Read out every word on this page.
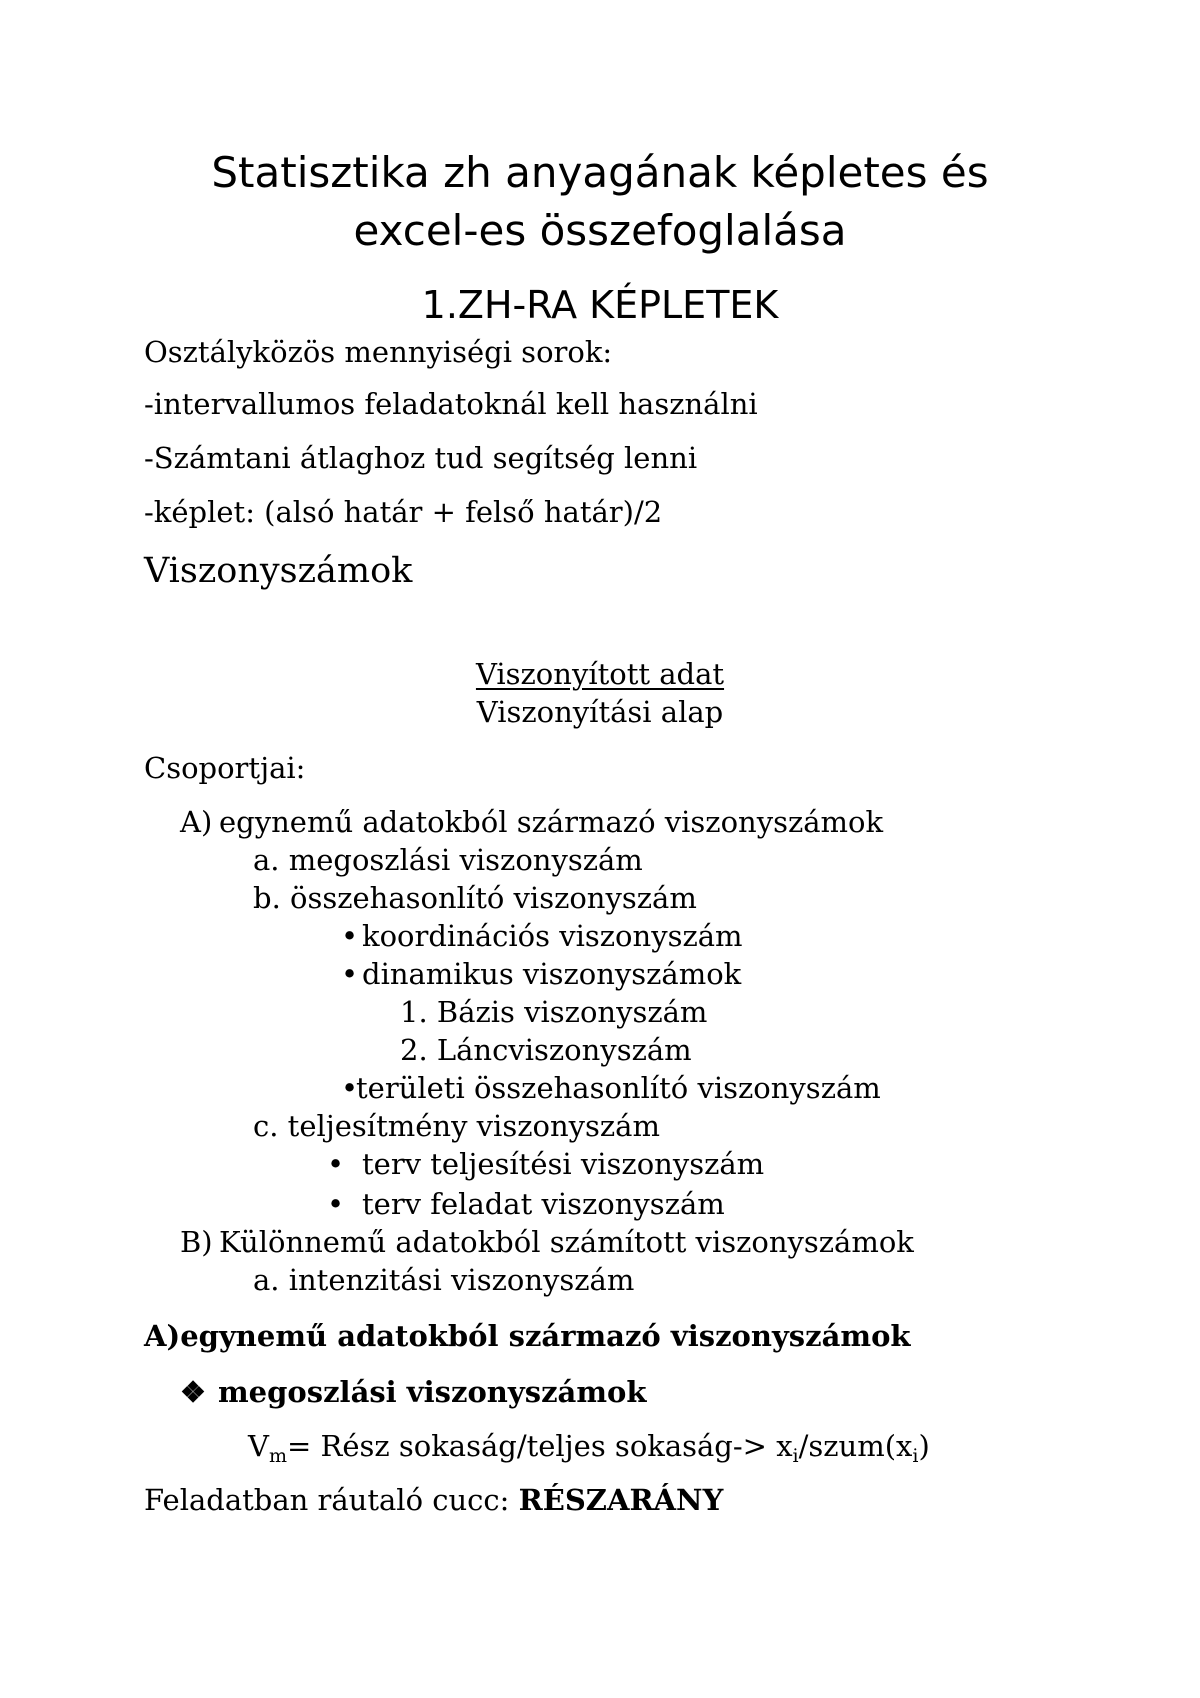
Statisztika zh anyagának képletes és
excel-es összefoglalása
1.ZH-RA KÉPLETEK
Osztályközös mennyiségi sorok:
-intervallumos feladatoknál kell használni
-Számtani átlaghoz tud segítség lenni
-képlet: (alsó határ + felső határ)/2
Viszonyszámok
Viszonyított adat
Viszonyítási alap
Csoportjai:
A) egynemű adatokból származó viszonyszámok
a. megoszlási viszonyszám
b. összehasonlító viszonyszám
• koordinációs viszonyszám
• dinamikus viszonyszámok
1. Bázis viszonyszám
2. Láncviszonyszám
•
területi összehasonlító viszonyszám
c. teljesítmény viszonyszám
• terv teljesítési viszonyszám
• terv feladat viszonyszám
B) Különnemű adatokból számított viszonyszámok
a. intenzitási viszonyszám
A)egynemű adatokból származó viszonyszámok
❖ megoszlási viszonyszámok
$V_m=$ Rész sokaság/teljes sokaság-> $x_i/szum(x_i)$
Feladatban ráutaló cucc: RÉSZARÁNY
